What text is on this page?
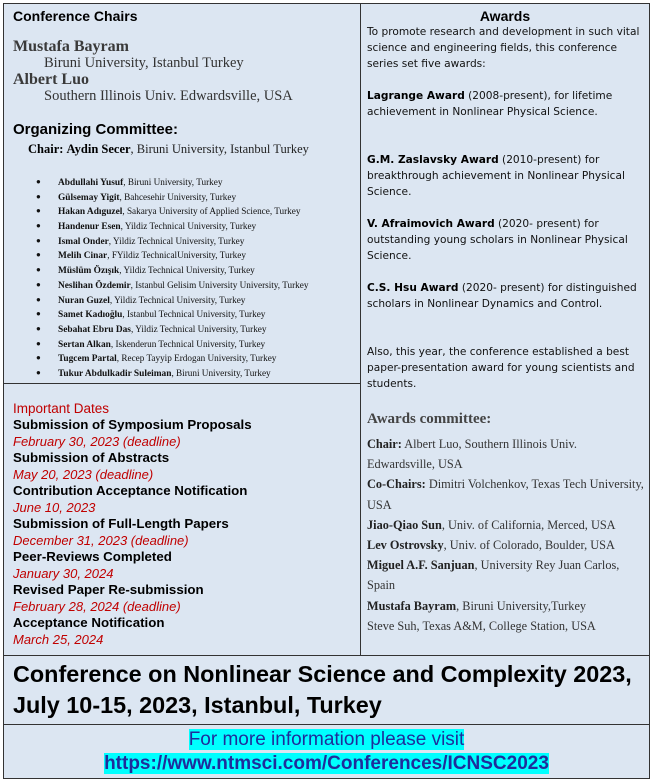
Conference Chairs
Mustafa Bayram
Biruni University, Istanbul Turkey
Albert Luo
Southern Illinois Univ. Edwardsville, USA
Organizing Committee:
Chair: Aydin Secer, Biruni University, Istanbul Turkey
● Abdullahi Yusuf, Biruni University, Turkey
● Gülsemay Yigit, Bahcesehir University, Turkey
● Hakan Adıguzel, Sakarya University of Applied Science, Turkey
● Handenur Esen, Yildiz Technical University, Turkey
● Ismal Onder, Yildiz Technical University, Turkey
● Melih Cinar, FYildiz TechnicalUniversity, Turkey
● Müslüm Özışık, Yildiz Technical University, Turkey
● Neslihan Özdemir, Istanbul Gelisim University University, Turkey
● Nuran Guzel, Yildiz Technical University, Turkey
● Samet Kadıoğlu, Istanbul Technical University, Turkey
● Sebahat Ebru Das, Yildiz Technical University, Turkey
● Sertan Alkan, Iskenderun Technical University, Turkey
● Tugcem Partal, Recep Tayyip Erdogan University, Turkey
● Tukur Abdulkadir Suleiman, Biruni University, Turkey
Important Dates
Submission of Symposium Proposals
February 30, 2023 (deadline)
Submission of Abstracts
May 20, 2023 (deadline)
Contribution Acceptance Notification
June 10, 2023
Submission of Full-Length Papers
December 31, 2023 (deadline)
Peer-Reviews Completed
January 30, 2024
Revised Paper Re-submission
February 28, 2024 (deadline)
Acceptance Notification
March 25, 2024
Awards
To promote research and development in such vital science and engineering fields, this conference series set five awards:
Lagrange Award (2008-present), for lifetime achievement in Nonlinear Physical Science.
G.M. Zaslavsky Award (2010-present) for breakthrough achievement in Nonlinear Physical Science.
V. Afraimovich Award (2020- present) for outstanding young scholars in Nonlinear Physical Science.
C.S. Hsu Award (2020- present) for distinguished scholars in Nonlinear Dynamics and Control.
Also, this year, the conference established a best paper-presentation award for young scientists and students.
Awards committee:
Chair: Albert Luo, Southern Illinois Univ. Edwardsville, USA
Co-Chairs: Dimitri Volchenkov, Texas Tech University, USA
Jiao-Qiao Sun, Univ. of California, Merced, USA
Lev Ostrovsky, Univ. of Colorado, Boulder, USA
Miguel A.F. Sanjuan, University Rey Juan Carlos, Spain
Mustafa Bayram, Biruni University,Turkey
Steve Suh, Texas A&M, College Station, USA

Conference on Nonlinear Science and Complexity 2023, July 10-15, 2023, Istanbul, Turkey
For more information please visit
https://www.ntmsci.com/Conferences/ICNSC2023
